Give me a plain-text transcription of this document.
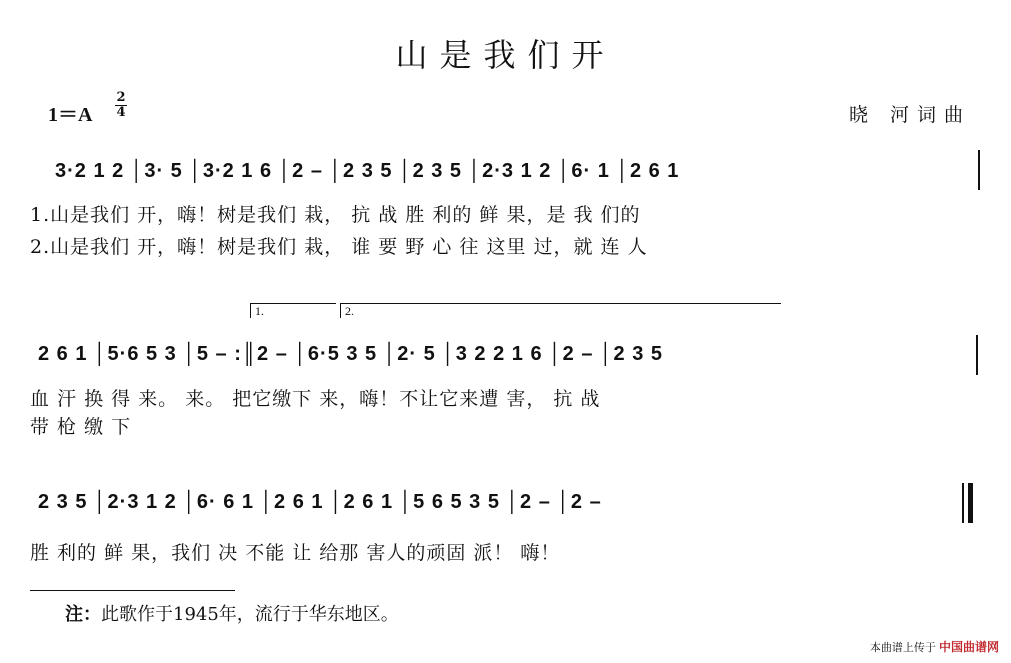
山是我们开
1＝A
2
4	晓 河词曲
3·2 1 2 │3· 5 │3·2 1 6 │2 – │2 3 5 │2 3 5 │2·3 1 2 │6· 1 │2 6 1
1.山是我们 开，嗨！树是我们 栽， 抗 战 胜 利的 鲜 果，是 我 们的
2.山是我们 开，嗨！树是我们 栽， 谁 要 野 心 往 这里 过，就 连 人
1.	2.
2 6 1 │5·6 5 3 │5 – :║2 – │6·5 3 5 │2· 5 │3 2 2 1 6 │2 – │2 3 5
血 汗 换 得 来。 来。 把它缴下 来，嗨！不让它来遭 害， 抗 战
带 枪 缴 下
2 3 5 │2·3 1 2 │6· 6 1 │2 6 1 │2 6 1 │5 6 5 3 5 │2 – │2 –
胜 利的 鲜 果，我们 决 不能 让 给那 害人的顽固 派！ 嗨！
注：此歌作于1945年，流行于华东地区。
本曲谱上传于 中国曲谱网
